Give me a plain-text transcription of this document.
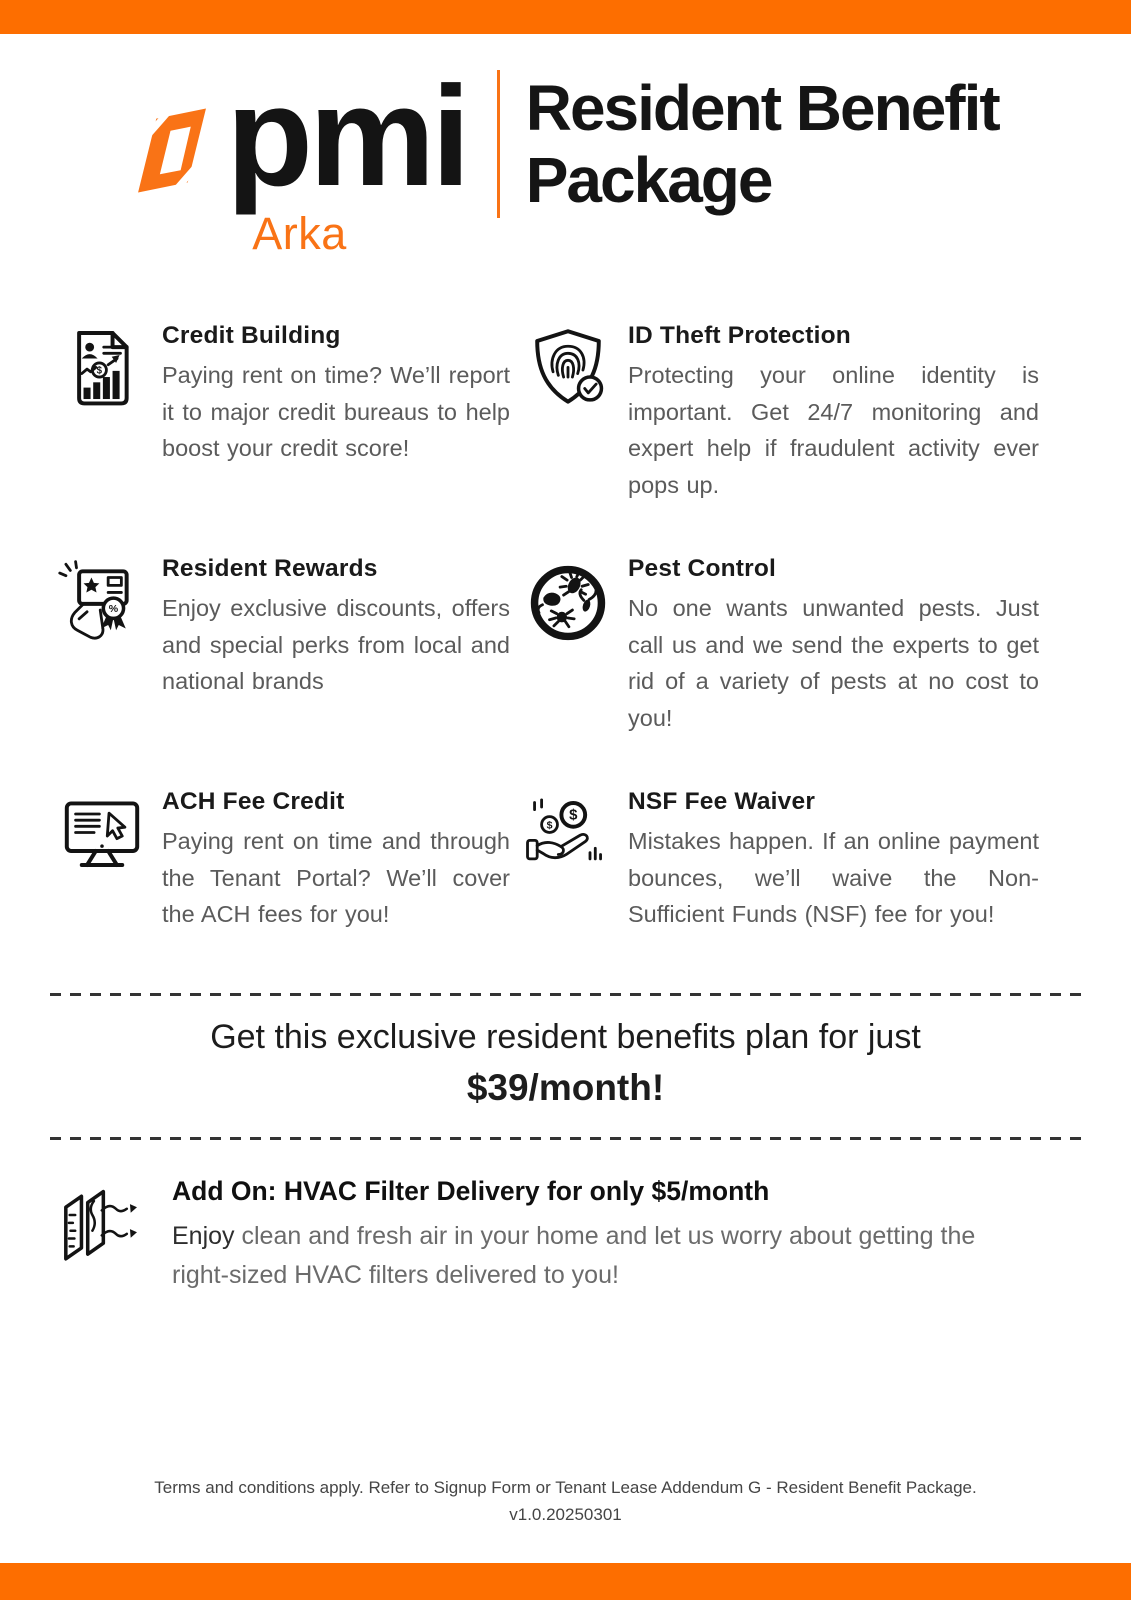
pmi
Arka
Resident Benefit
Package
$
Credit Building

Paying rent on time? We’ll report it to major credit bureaus to help boost your credit score!

ID Theft Protection

Protecting your online identity is important. Get 24/7 monitoring and expert help if fraudulent activity ever pops up.

%
Resident Rewards

Enjoy exclusive discounts, offers and special perks from local and national brands

Pest Control

No one wants unwanted pests. Just call us and we send the experts to get rid of a variety of pests at no cost to you!

ACH Fee Credit

Paying rent on time and through the Tenant Portal? We’ll cover the ACH fees for you!

$
$
NSF Fee Waiver

Mistakes happen. If an online payment bounces, we’ll waive the Non-Sufficient Funds (NSF) fee for you!

Get this exclusive resident benefits plan for just
$39/month!
Add On: HVAC Filter Delivery for only $5/month

Enjoy clean and fresh air in your home and let us worry about getting the right-sized HVAC filters delivered to you!

Terms and conditions apply. Refer to Signup Form or Tenant Lease Addendum G - Resident Benefit Package.
v1.0.20250301
